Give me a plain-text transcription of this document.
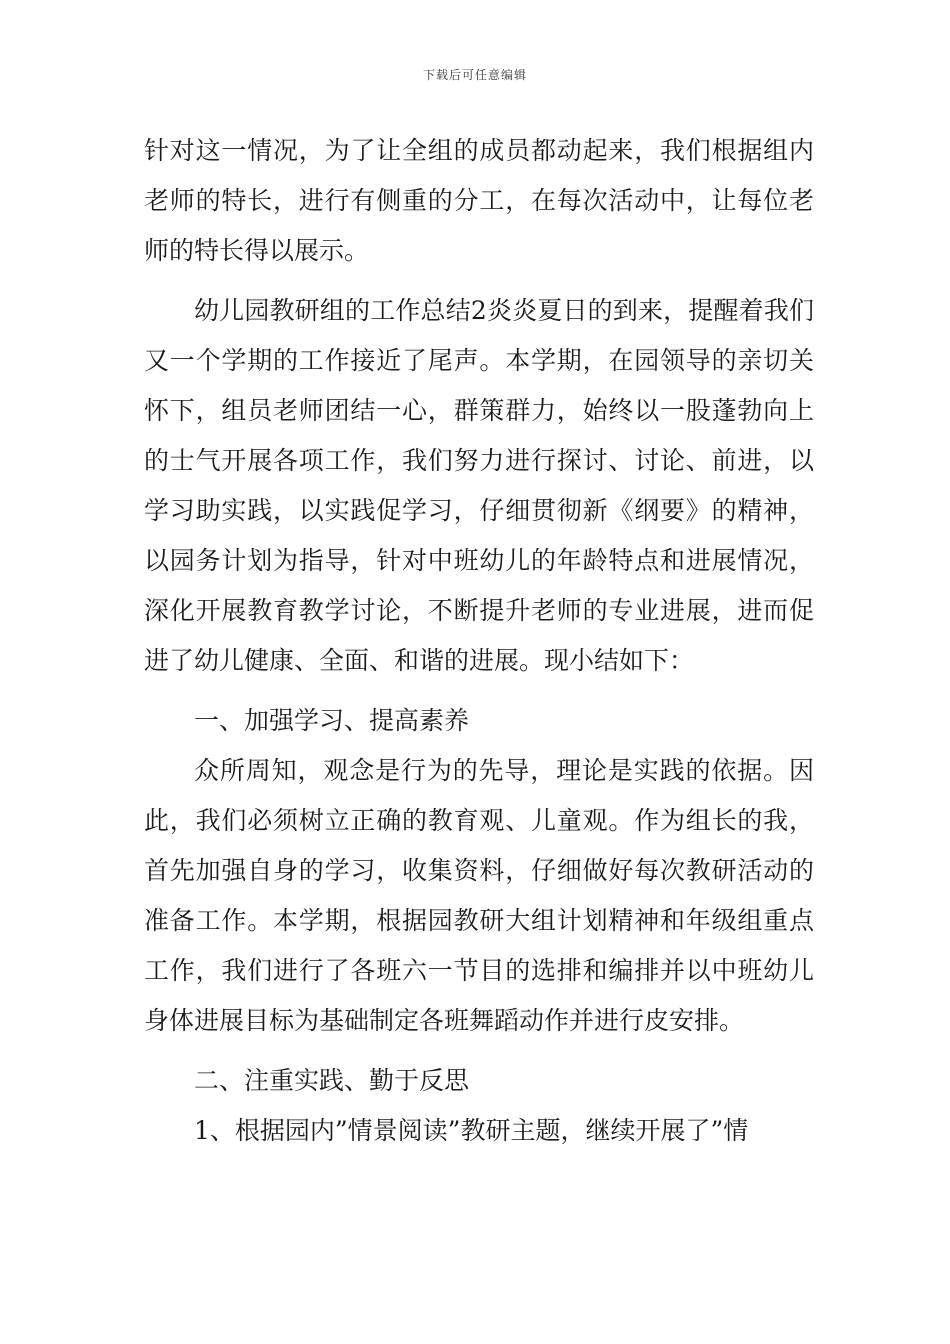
下载后可任意编辑

针对这一情况，为了让全组的成员都动起来，我们根据组内老师的特长，进行有侧重的分工，在每次活动中，让每位老师的特长得以展示。

幼儿园教研组的工作总结2炎炎夏日的到来，提醒着我们又一个学期的工作接近了尾声。本学期，在园领导的亲切关怀下，组员老师团结一心，群策群力，始终以一股蓬勃向上的士气开展各项工作，我们努力进行探讨、讨论、前进，以学习助实践，以实践促学习，仔细贯彻新《纲要》的精神，以园务计划为指导，针对中班幼儿的年龄特点和进展情况，深化开展教育教学讨论，不断提升老师的专业进展，进而促进了幼儿健康、全面、和谐的进展。现小结如下：

一、加强学习、提高素养

众所周知，观念是行为的先导，理论是实践的依据。因此，我们必须树立正确的教育观、儿童观。作为组长的我，首先加强自身的学习，收集资料，仔细做好每次教研活动的准备工作。本学期，根据园教研大组计划精神和年级组重点工作，我们进行了各班六一节目的选排和编排并以中班幼儿身体进展目标为基础制定各班舞蹈动作并进行皮安排。

二、注重实践、勤于反思

1、根据园内”情景阅读”教研主题，继续开展了”情
